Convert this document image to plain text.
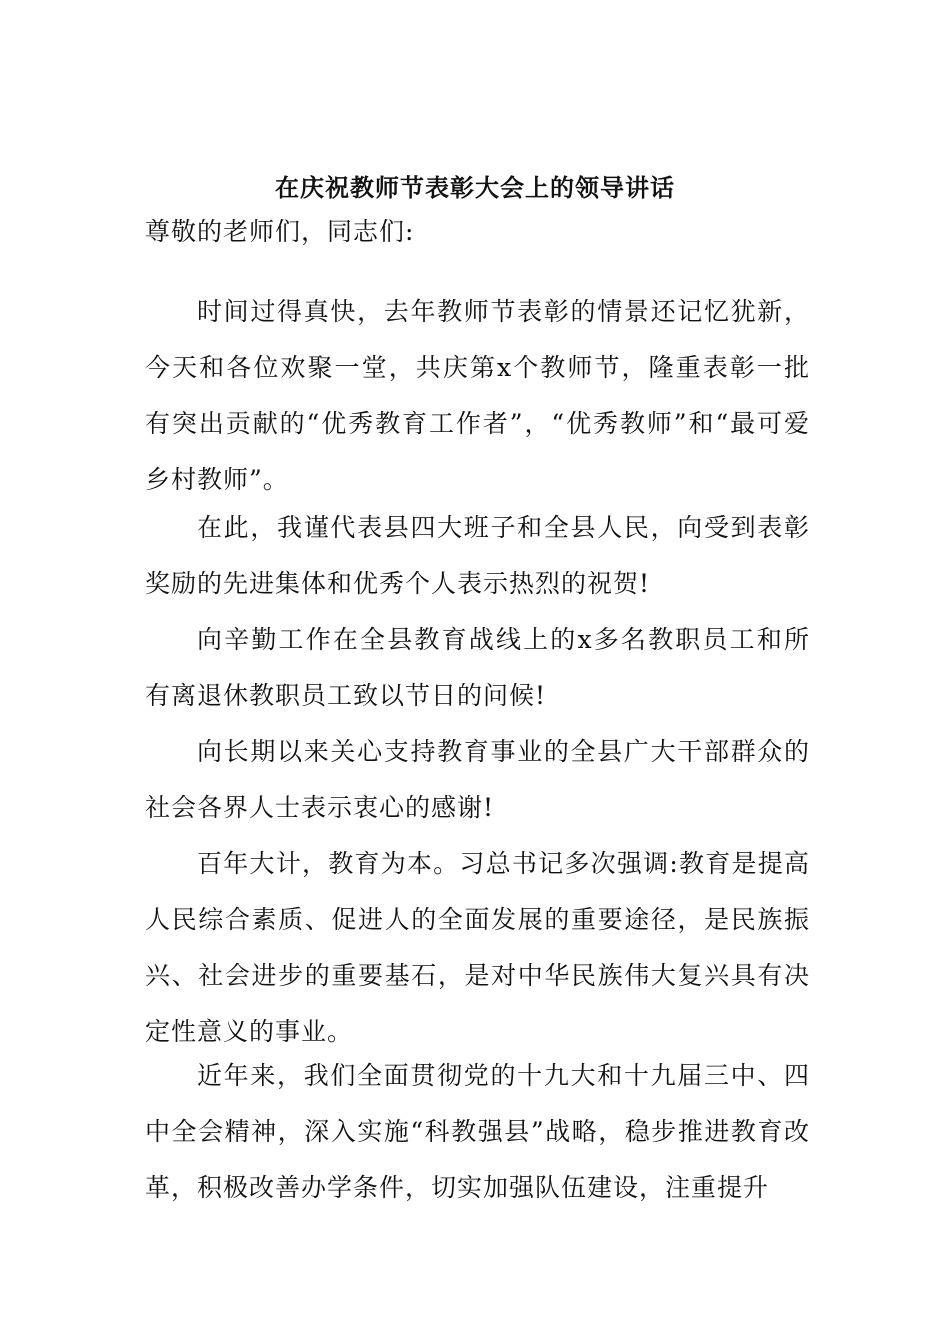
在庆祝教师节表彰大会上的领导讲话

尊敬的老师们，同志们:

时间过得真快，去年教师节表彰的情景还记忆犹新，今天和各位欢聚一堂，共庆第x个教师节，隆重表彰一批有突出贡献的“优秀教育工作者”，“优秀教师”和“最可爱乡村教师”。

在此，我谨代表县四大班子和全县人民，向受到表彰奖励的先进集体和优秀个人表示热烈的祝贺!

向辛勤工作在全县教育战线上的x多名教职员工和所有离退休教职员工致以节日的问候!

向长期以来关心支持教育事业的全县广大干部群众的社会各界人士表示衷心的感谢!

百年大计，教育为本。习总书记多次强调:教育是提高人民综合素质、促进人的全面发展的重要途径，是民族振兴、社会进步的重要基石，是对中华民族伟大复兴具有决定性意义的事业。

近年来，我们全面贯彻党的十九大和十九届三中、四中全会精神，深入实施“科教强县”战略，稳步推进教育改革，积极改善办学条件，切实加强队伍建设，注重提升
